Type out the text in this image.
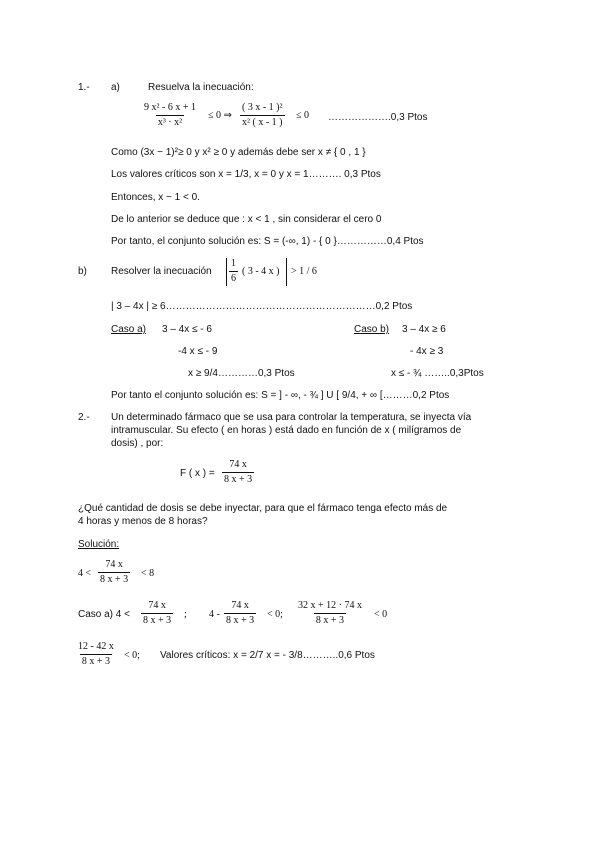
1.- a)	Resuelva la inecuación:
$\frac{\text{9 x² - 6 x + 1}}{\text{x³ · x²}} \le 0$ ⇒ $\frac{\text{( 3 x - 1 )²}}{\text{x² ( x - 1 )}} \le 0$ ……………….0,3 Ptos
Como (3x − 1)²≥ 0 y x² ≥ 0 y además debe ser x ≠ { 0 , 1 }
Los valores críticos son x = 1/3, x = 0 y x = 1………. 0,3 Ptos
Entonces, x − 1 < 0.
De lo anterior se deduce que : x < 1 , sin considerar el cero 0
Por tanto, el conjunto solución es: S = (-∞, 1) - { 0 }……………0,4 Ptos
b) Resolver la inecuación $\frac{1}{6}$ ( 3 - 4 x ) > 1 / 6
| 3 – 4x | ≥ 6………………………………………………………0,2 Ptos
Caso a) 3 – 4x ≤ - 6	Caso b) 3 – 4x ≥ 6
-4 x ≤ - 9	- 4x ≥ 3
x ≥ 9/4…………0,3 Ptos	x ≤ - ¾ ……..0,3Ptos
Por tanto el conjunto solución es: S = ] - ∞, - ¾ ] U [ 9/4, + ∞ [………0,2 Ptos
2.- Un determinado fármaco que se usa para controlar la temperatura, se inyecta vía
intramuscular. Su efecto ( en horas ) está dado en función de x ( milígramos de
dosis) , por:
F ( x ) = $\frac{74 x}{8 x + 3}$
¿Qué cantidad de dosis se debe inyectar, para que el fármaco tenga efecto más de
4 horas y menos de 8 horas?
Solución:
$4 < \frac{74 x}{8 x + 3} < 8$
Caso a) $4 < \frac{74 x}{8 x + 3}$ ; $4 - \frac{74 x}{8 x + 3} < 0$; $\frac{32 x + 12 \cdot 74 x}{8 x + 3} < 0$
$\frac{12 - 42 x}{8 x + 3} < 0$; Valores críticos: x = 2/7 x = - 3/8………..0,6 Ptos
